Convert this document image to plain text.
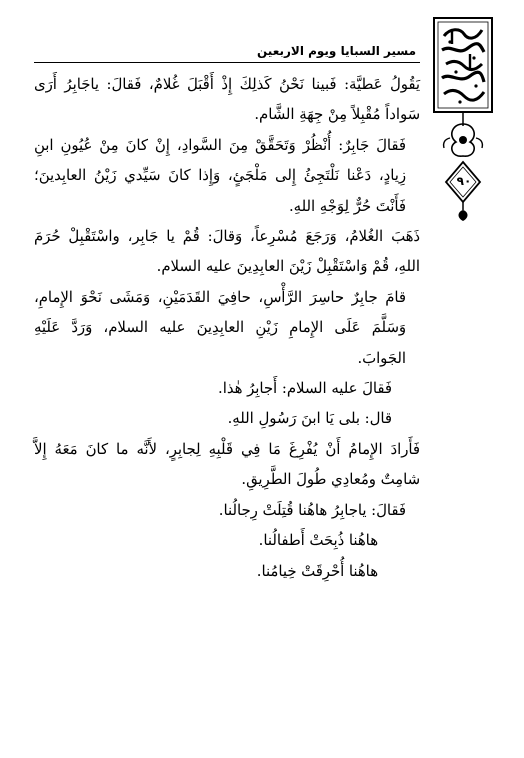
مسير السبايا ويوم الاربعين

يَقُولُ عَطيَّة: فَبينا نَحْنُ كَذلِكَ إِذْ أَقْبَلَ غُلامٌ، فَقالَ: ياجَابِرُ أَرَى سَواداً مُقْبِلاً مِنْ جِهَةِ الشَّام.

فَقالَ جَابِرٌ: أُنْظُرْ وَتَحَقَّقْ مِنَ السَّوادِ، إِنْ كانَ مِنْ عُيُونِ ابنِ زِيادٍ، دَعْنا نَلْتَجِئُ إِلى مَلْجَئٍ، وَإِذا كانَ سَيِّدي زَيْنُ العابِدينَ؛ فَأَنْتَ حُرٌّ لِوَجْهِ اللهِ.

ذَهَبَ الغُلامُ، وَرَجَعَ مُسْرِعاً، وَقالَ: قُمْ يا جَابِر، واسْتَقْبِلْ حُرَمَ اللهِ، قُمْ وَاسْتَقْبِلْ زَيْنَ العابِدِينَ عليه السلام.

قامَ جابِرٌ حاسِرَ الرَّأْسِ، حافِيَ القَدَمَيْنِ، وَمَشَى نَحْوَ الإِمامِ، وَسَلَّمَ عَلَى الإِمامِ زَيْنِ العابِدِينَ عليه السلام، وَرَدَّ عَلَيْهِ الجَوابَ.

فَقالَ عليه السلام: أَجابِرُ هٰذا.

قال: بلى يَا ابنَ رَسُولِ اللهِ.

فَأَرادَ الإِمامُ أَنْ يُفْرِغَ مَا فِي قَلْبِهِ لِجابِرٍ، لأَنَّه ما كانَ مَعَهُ إِلاَّ شامِتٌ ومُعادِي طُولَ الطَّرِيقِ.

فَقالَ: ياجابِرُ هاهُنا قُتِلَتْ رِجالُنا.

هاهُنا ذُبِحَتْ أَطفالُنا.

هاهُنا أُحْرِقَتْ خِيامُنا.

٩٠
